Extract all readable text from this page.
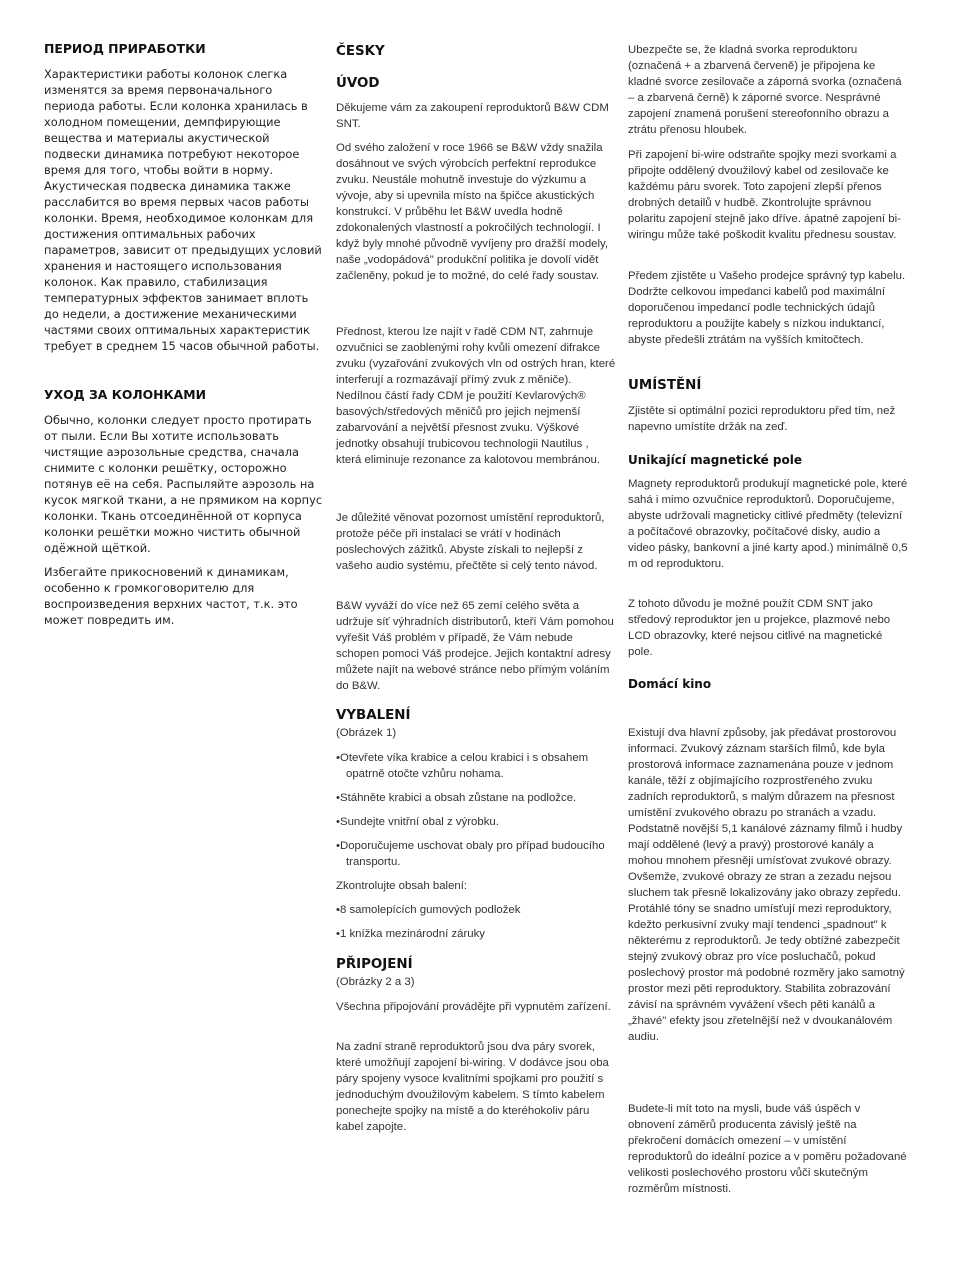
ПЕРИОД ПРИРАБОТКИ

Характеристики работы колонок слегка изменятся за время первоначального периода работы. Если колонка хранилась в холодном помещении, демпфирующие вещества и материалы акустической подвески динамика потребуют некоторое время для того, чтобы войти в норму. Акустическая подвеска динамика также расслабится во время первых часов работы колонки. Время, необходимое колонкам для достижения оптимальных рабочих параметров, зависит от предыдущих условий хранения и настоящего использования колонок. Как правило, стабилизация температурных эффектов занимает вплоть до недели, а достижение механическими частями своих оптимальных характеристик требует в среднем 15 часов обычной работы.

УХОД ЗА КОЛОНКАМИ

Обычно, колонки следует просто протирать от пыли. Если Вы хотите использовать чистящие аэрозольные средства, сначала снимите с колонки решётку, осторожно потянув её на себя. Распыляйте аэрозоль на кусок мягкой ткани, а не прямиком на корпус колонки. Ткань отсоединённой от корпуса колонки решётки можно чистить обычной одёжной щёткой.

Избегайте прикосновений к динамикам, особенно к громкоговорителю для воспроизведения верхних частот, т.к. это может повредить им.

ČESKY
ÚVOD

Děkujeme vám za zakoupení reproduktorů B&W CDM SNT.

Od svého založení v roce 1966 se B&W vždy snažila dosáhnout ve svých výrobcích perfektní reprodukce zvuku. Neustále mohutně investuje do výzkumu a vývoje, aby si upevnila místo na špičce akustických konstrukcí. V průběhu let B&W uvedla hodně zdokonalených vlastností a pokročilých technologií. I když byly mnohé původně vyvíjeny pro dražší modely, naše „vodopádová" produkční politika je dovolí vidět začleněny, pokud je to možné, do celé řady soustav.

Přednost, kterou lze najít v řadě CDM NT, zahrnuje ozvučnici se zaoblenými rohy kvůli omezení difrakce zvuku (vyzařování zvukových vln od ostrých hran, které interferují a rozmazávají přímý zvuk z měniče). Nedílnou částí řady CDM je použití Kevlarových® basových/středových měničů pro jejich nejmenší zabarvování a největší přesnost zvuku. Výškové jednotky obsahují trubicovou technologii Nautilus , která eliminuje rezonance za kalotovou membránou.

Je důležité věnovat pozornost umístění reproduktorů, protože péče při instalaci se vrátí v hodinách poslechových zážitků. Abyste získali to nejlepší z vašeho audio systému, přečtěte si celý tento návod.

B&W vyváží do více než 65 zemí celého světa a udržuje síť výhradních distributorů, kteří Vám pomohou vyřešit Váš problém v případě, že Vám nebude schopen pomoci Váš prodejce. Jejich kontaktní adresy můžete najít na webové stránce nebo přímým voláním do B&W.

VYBALENÍ

(Obrázek 1)

•Otevřete víka krabice a celou krabici i s obsahem opatrně otočte vzhůru nohama.

•Stáhněte krabici a obsah zůstane na podložce.

•Sundejte vnitřní obal z výrobku.

•Doporučujeme uschovat obaly pro případ budoucího transportu.

Zkontrolujte obsah balení:

•8 samolepících gumových podložek

•1 knížka mezinárodní záruky

PŘIPOJENÍ

(Obrázky 2 a 3)

Všechna připojování provádějte při vypnutém zařízení.

Na zadní straně reproduktorů jsou dva páry svorek, které umožňují zapojení bi-wiring. V dodávce jsou oba páry spojeny vysoce kvalitními spojkami pro použití s jednoduchým dvoužilovým kabelem. S tímto kabelem ponechejte spojky na místě a do kteréhokoliv páru kabel zapojte.

Ubezpečte se, že kladná svorka reproduktoru (označená + a zbarvená červeně) je připojena ke kladné svorce zesilovače a záporná svorka (označená – a zbarvená černě) k záporné svorce. Nesprávné zapojení znamená porušení stereofonního obrazu a ztrátu přenosu hloubek.

Při zapojení bi-wire odstraňte spojky mezi svorkami a připojte oddělený dvoužilový kabel od zesilovače ke každému páru svorek. Toto zapojení zlepší přenos drobných detailů v hudbě. Zkontrolujte správnou polaritu zapojení stejně jako dříve. ápatné zapojení bi-wiringu může také poškodit kvalitu přednesu soustav.

Předem zjistěte u Vašeho prodejce správný typ kabelu. Dodržte celkovou impedanci kabelů pod maximální doporučenou impedancí podle technických údajů reproduktoru a použijte kabely s nízkou induktancí, abyste předešli ztrátám na vyšších kmitočtech.

UMÍSTĚNÍ

Zjistěte si optimální pozici reproduktoru před tím, než napevno umístíte držák na zeď.

Unikající magnetické pole

Magnety reproduktorů produkují magnetické pole, které sahá i mimo ozvučnice reproduktorů. Doporučujeme, abyste udržovali magneticky citlivé předměty (televizní a počítačové obrazovky, počítačové disky, audio a video pásky, bankovní a jiné karty apod.) minimálně 0,5 m od reproduktoru.

Z tohoto důvodu je možné použít CDM SNT jako středový reproduktor jen u projekce, plazmové nebo LCD obrazovky, které nejsou citlivé na magnetické pole.

Domácí kino

Existují dva hlavní způsoby, jak předávat prostorovou informaci. Zvukový záznam starších filmů, kde byla prostorová informace zaznamenána pouze v jednom kanále, těží z objímajícího rozprostřeného zvuku zadních reproduktorů, s malým důrazem na přesnost umístění zvukového obrazu po stranách a vzadu. Podstatně novější 5,1 kanálové záznamy filmů i hudby mají oddělené (levý a pravý) prostorové kanály a mohou mnohem přesněji umísťovat zvukové obrazy. Ovšemže, zvukové obrazy ze stran a zezadu nejsou sluchem tak přesně lokalizovány jako obrazy zepředu. Protáhlé tóny se snadno umísťují mezi reproduktory, kdežto perkusivní zvuky mají tendenci „spadnout" k některému z reproduktorů. Je tedy obtížné zabezpečit stejný zvukový obraz pro více posluchačů, pokud poslechový prostor má podobné rozměry jako samotný prostor mezi pěti reproduktory. Stabilita zobrazování závisí na správném vyvážení všech pěti kanálů a „žhavé" efekty jsou zřetelnější než v dvoukanálovém audiu.

Budete-li mít toto na mysli, bude váš úspěch v obnovení záměrů producenta závislý ještě na překročení domácích omezení – v umístění reproduktorů do ideální pozice a v poměru požadované velikosti poslechového prostoru vůči skutečným rozměrům místnosti.
